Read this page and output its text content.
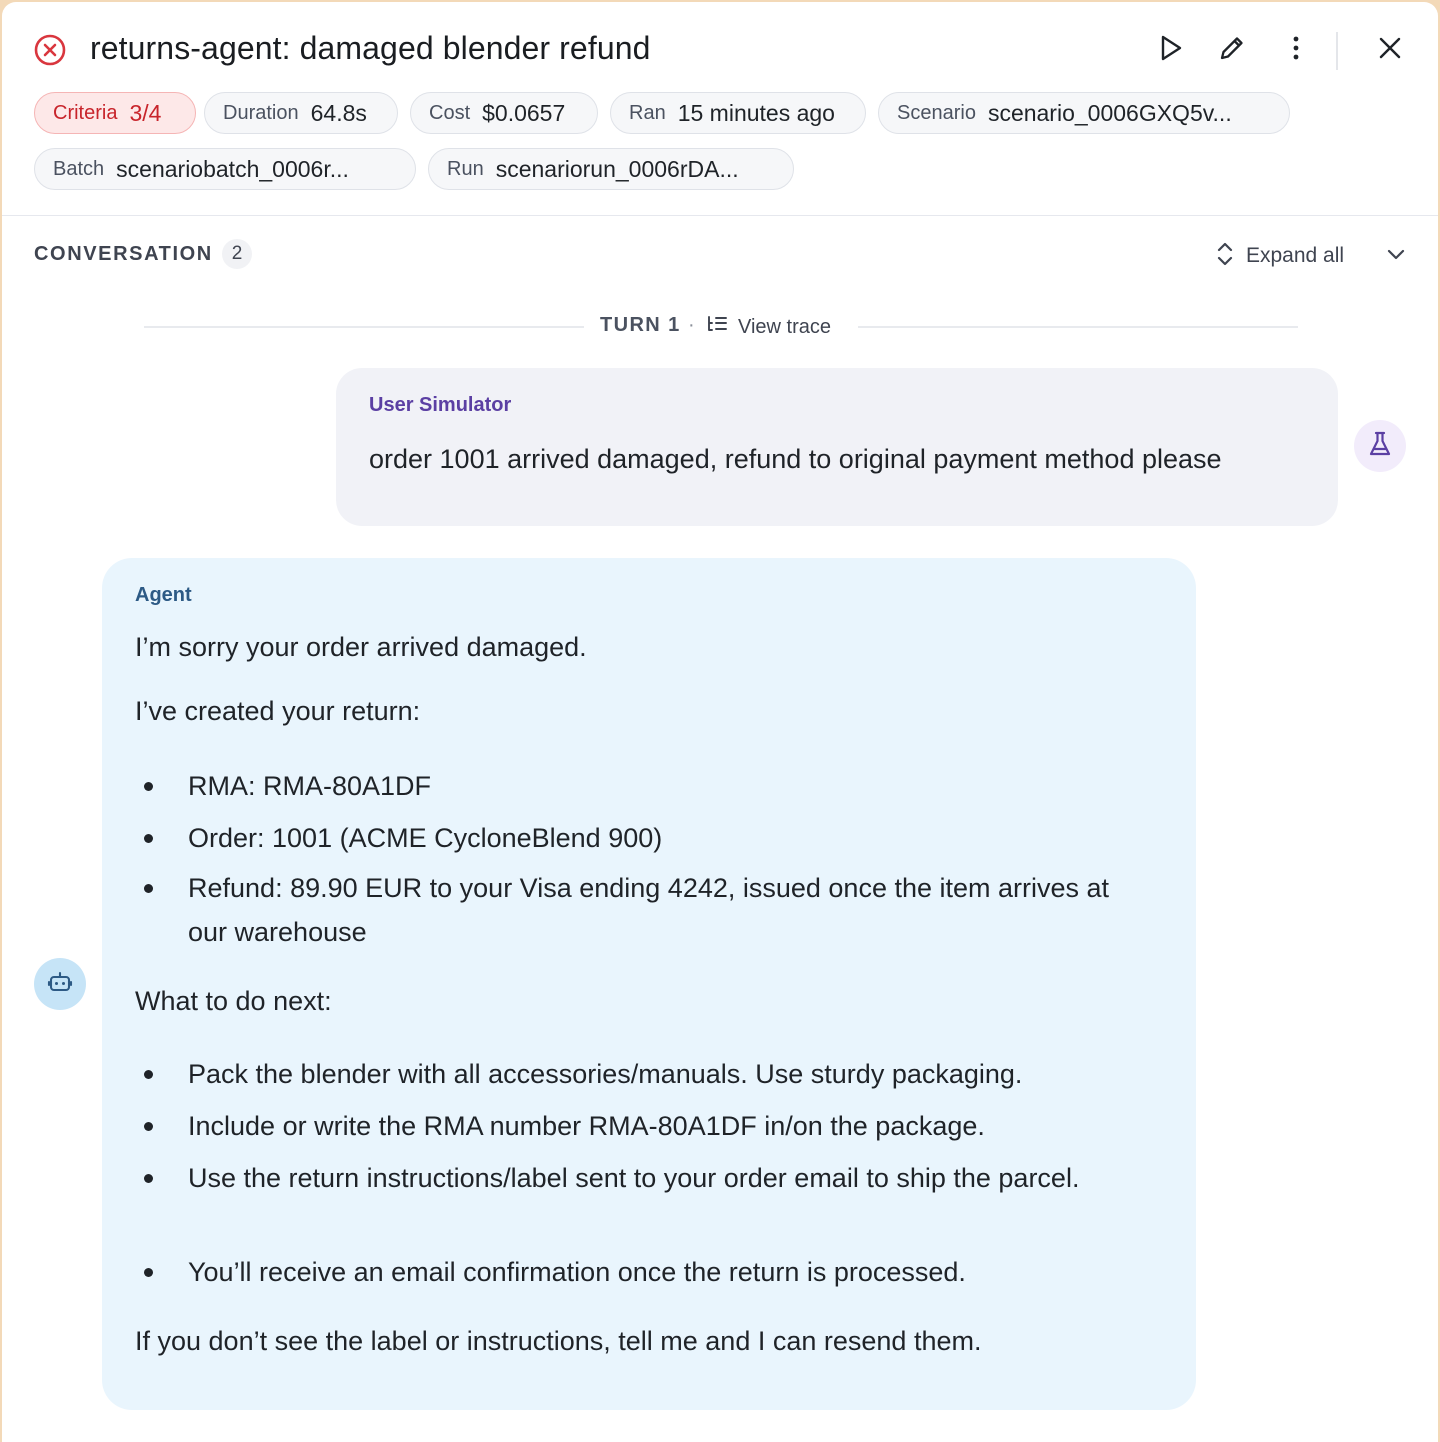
returns-agent: damaged blender refund
Criteria 3/4	Duration 64.8s	Cost $0.0657	Ran 15 minutes ago	Scenario scenario_0006GXQ5v...
Batch scenariobatch_0006r...	Run scenariorun_0006rDA...
CONVERSATION 2	Expand all
TURN 1 · View trace
User Simulator
order 1001 arrived damaged, refund to original payment method please
Agent
I’m sorry your order arrived damaged.
I’ve created your return:
RMA: RMA-80A1DF
Order: 1001 (ACME CycloneBlend 900)
Refund: 89.90 EUR to your Visa ending 4242, issued once the item arrives at our warehouse
What to do next:
Pack the blender with all accessories/manuals. Use sturdy packaging.
Include or write the RMA number RMA-80A1DF in/on the package.
Use the return instructions/label sent to your order email to ship the parcel.
You’ll receive an email confirmation once the return is processed.
If you don’t see the label or instructions, tell me and I can resend them.
